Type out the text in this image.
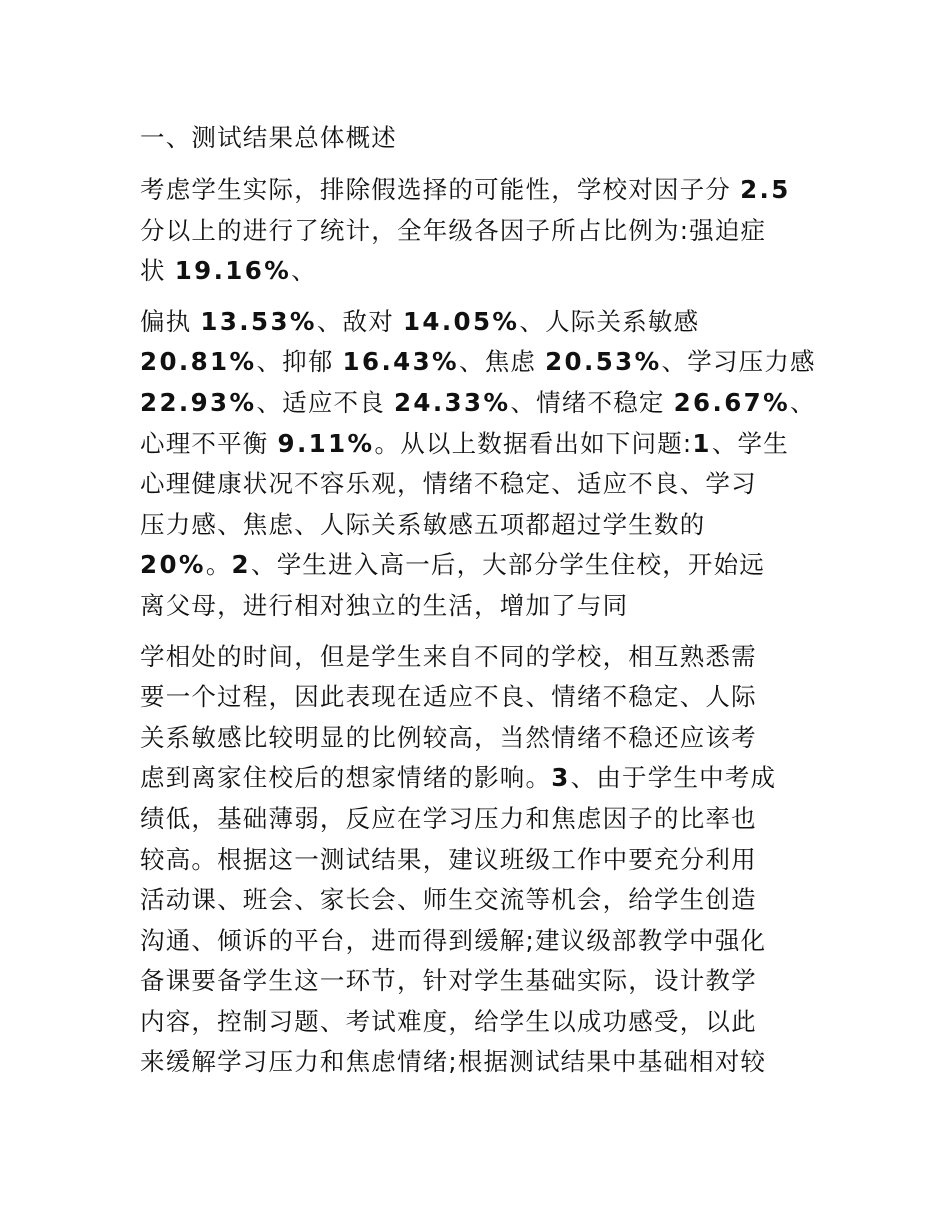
一、测试结果总体概述
考虑学生实际，排除假选择的可能性，学校对因子分 2.5
分以上的进行了统计，全年级各因子所占比例为:强迫症
状 19.16%、
偏执 13.53%、敌对 14.05%、人际关系敏感
20.81%、抑郁 16.43%、焦虑 20.53%、学习压力感
22.93%、适应不良 24.33%、情绪不稳定 26.67%、
心理不平衡 9.11%。从以上数据看出如下问题:1、学生
心理健康状况不容乐观，情绪不稳定、适应不良、学习
压力感、焦虑、人际关系敏感五项都超过学生数的
20%。2、学生进入高一后，大部分学生住校，开始远
离父母，进行相对独立的生活，增加了与同
学相处的时间，但是学生来自不同的学校，相互熟悉需
要一个过程，因此表现在适应不良、情绪不稳定、人际
关系敏感比较明显的比例较高，当然情绪不稳还应该考
虑到离家住校后的想家情绪的影响。3、由于学生中考成
绩低，基础薄弱，反应在学习压力和焦虑因子的比率也
较高。根据这一测试结果，建议班级工作中要充分利用
活动课、班会、家长会、师生交流等机会，给学生创造
沟通、倾诉的平台，进而得到缓解;建议级部教学中强化
备课要备学生这一环节，针对学生基础实际，设计教学
内容，控制习题、考试难度，给学生以成功感受，以此
来缓解学习压力和焦虑情绪;根据测试结果中基础相对较
